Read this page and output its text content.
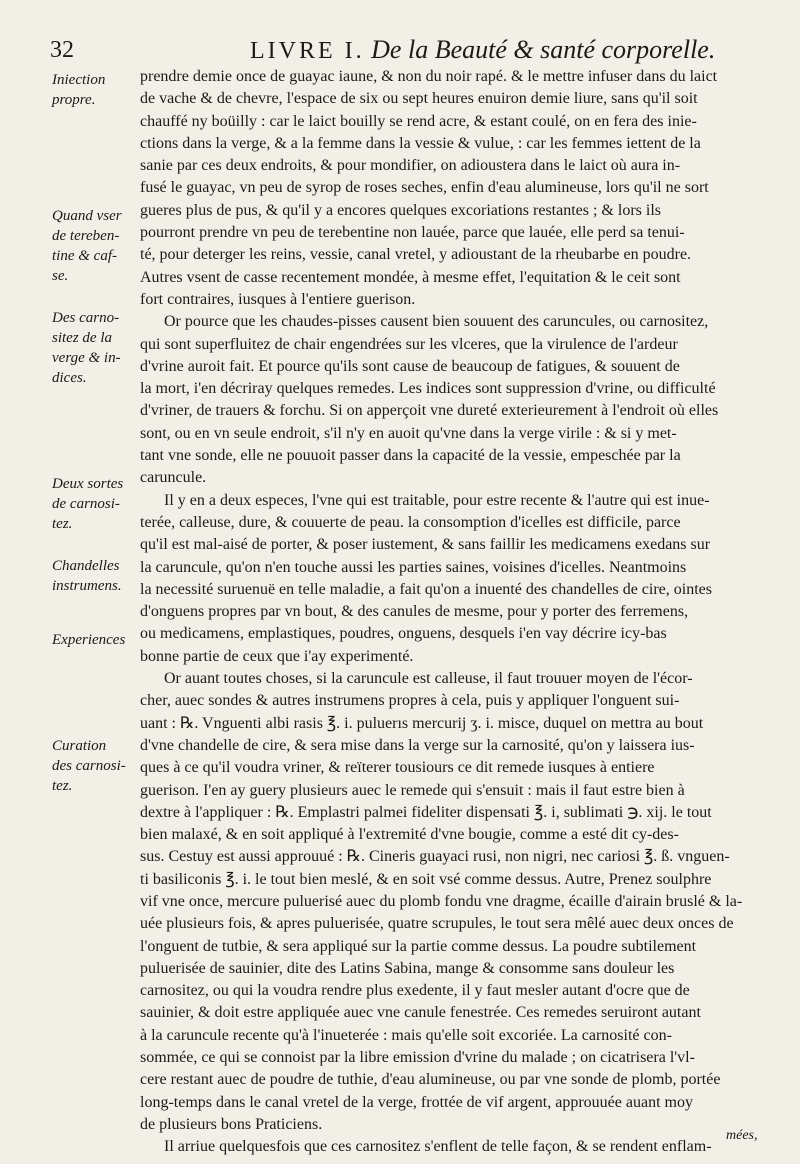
32	LIVRE I. De la Beauté & santé corporelle.
Iniection
propre.
Quand vser
de tereben-
tine & caf-
se.
Des carno-
sitez de la
verge & in-
dices.
Deux sortes
de carnosi-
tez.
Chandelles
instrumens.
Experiences
Curation
des carnosi-
tez.
prendre demie once de guayac iaune, & non du noir rapé. & le mettre infuser dans du laict
de vache & de chevre, l'espace de six ou sept heures enuiron demie liure, sans qu'il soit
chauffé ny boüilly : car le laict bouilly se rend acre, & estant coulé, on en fera des inie-
ctions dans la verge, & a la femme dans la vessie & vulue, : car les femmes iettent de la
sanie par ces deux endroits, & pour mondifier, on adioustera dans le laict où aura in-
fusé le guayac, vn peu de syrop de roses seches, enfin d'eau alumineuse, lors qu'il ne sort
gueres plus de pus, & qu'il y a encores quelques excoriations restantes ; & lors ils
pourront prendre vn peu de terebentine non lauée, parce que lauée, elle perd sa tenui-
té, pour deterger les reins, vessie, canal vretel, y adioustant de la rheubarbe en poudre.
Autres vsent de casse recentement mondée, à mesme effet, l'equitation & le ceit sont
fort contraires, iusques à l'entiere guerison.
Or pource que les chaudes-pisses causent bien souuent des caruncules, ou carnositez,
qui sont superfluitez de chair engendrées sur les vlceres, que la virulence de l'ardeur
d'vrine auroit fait. Et pource qu'ils sont cause de beaucoup de fatigues, & souuent de
la mort, i'en décriray quelques remedes. Les indices sont suppression d'vrine, ou difficulté
d'vriner, de trauers & forchu. Si on apperçoit vne dureté exterieurement à l'endroit où elles
sont, ou en vn seule endroit, s'il n'y en auoit qu'vne dans la verge virile : & si y met-
tant vne sonde, elle ne pouuoit passer dans la capacité de la vessie, empeschée par la
caruncule.
Il y en a deux especes, l'vne qui est traitable, pour estre recente & l'autre qui est inue-
terée, calleuse, dure, & couuerte de peau. la consomption d'icelles est difficile, parce
qu'il est mal-aisé de porter, & poser iustement, & sans faillir les medicamens exedans sur
la caruncule, qu'on n'en touche aussi les parties saines, voisines d'icelles. Neantmoins
la necessité suruenuë en telle maladie, a fait qu'on a inuenté des chandelles de cire, ointes
d'onguens propres par vn bout, & des canules de mesme, pour y porter des ferremens,
ou medicamens, emplastiques, poudres, onguens, desquels i'en vay décrire icy-bas
bonne partie de ceux que i'ay experimenté.
Or auant toutes choses, si la caruncule est calleuse, il faut trouuer moyen de l'écor-
cher, auec sondes & autres instrumens propres à cela, puis y appliquer l'onguent sui-
uant : ℞. Vnguenti albi rasis ℥. i. puluerıs mercurij ʒ. i. misce, duquel on mettra au bout
d'vne chandelle de cire, & sera mise dans la verge sur la carnosité, qu'on y laissera ius-
ques à ce qu'il voudra vriner, & reïterer tousiours ce dit remede iusques à entiere
guerison. I'en ay guery plusieurs auec le remede qui s'ensuit : mais il faut estre bien à
dextre à l'appliquer : ℞. Emplastri palmei fideliter dispensati ℥. i, sublimati ℈. xij. le tout
bien malaxé, & en soit appliqué à l'extremité d'vne bougie, comme a esté dit cy-des-
sus. Cestuy est aussi approuué : ℞. Cineris guayaci rusi, non nigri, nec cariosi ℥. ß. vnguen-
ti basiliconis ℥. i. le tout bien meslé, & en soit vsé comme dessus. Autre, Prenez soulphre
vif vne once, mercure puluerisé auec du plomb fondu vne dragme, écaille d'airain bruslé & la-
uée plusieurs fois, & apres puluerisée, quatre scrupules, le tout sera mêlé auec deux onces de
l'onguent de tutbie, & sera appliqué sur la partie comme dessus. La poudre subtilement
puluerisée de sauinier, dite des Latins Sabina, mange & consomme sans douleur les
carnositez, ou qui la voudra rendre plus exedente, il y faut mesler autant d'ocre que de
sauinier, & doit estre appliquée auec vne canule fenestrée. Ces remedes seruiront autant
à la caruncule recente qu'à l'inueterée : mais qu'elle soit excoriée. La carnosité con-
sommée, ce qui se connoist par la libre emission d'vrine du malade ; on cicatrisera l'vl-
cere restant auec de poudre de tuthie, d'eau alumineuse, ou par vne sonde de plomb, portée
long-temps dans le canal vretel de la verge, frottée de vif argent, approuuée auant moy
de plusieurs bons Praticiens.
Il arriue quelquesfois que ces carnositez s'enflent de telle façon, & se rendent enflam-
mées,
